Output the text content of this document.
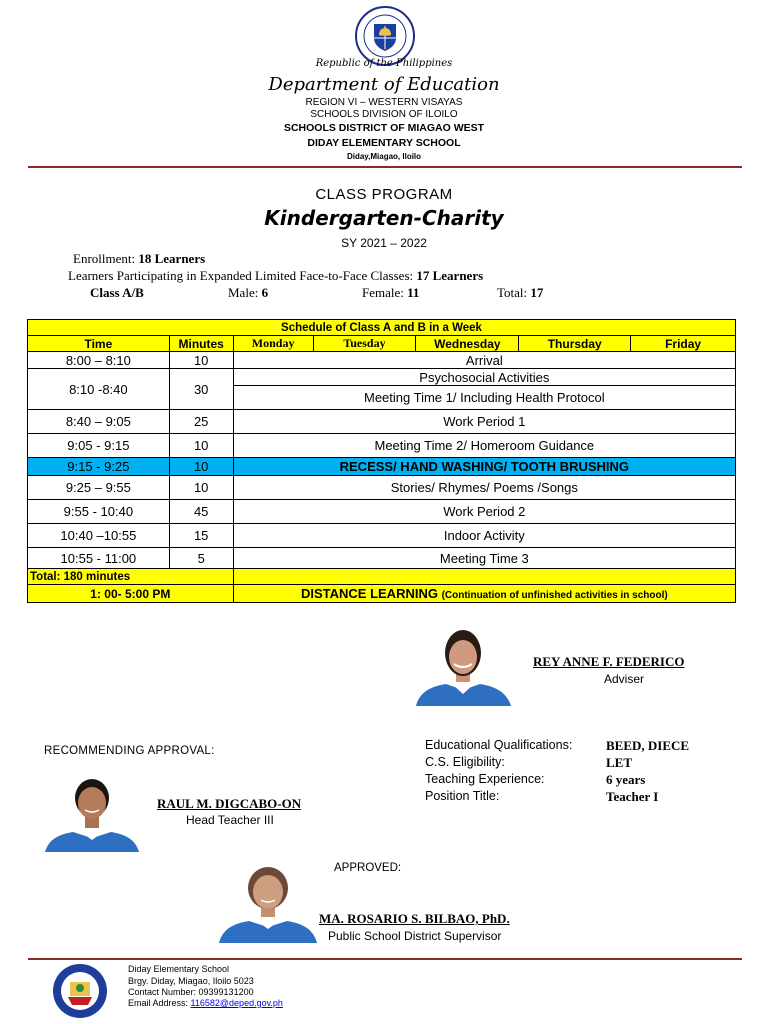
Republic of the Philippines
Department of Education
REGION VI – WESTERN VISAYAS
SCHOOLS DIVISION OF ILOILO
SCHOOLS DISTRICT OF MIAGAO WEST
DIDAY ELEMENTARY SCHOOL
Diday,Miagao, Iloilo
CLASS PROGRAM
Kindergarten-Charity
SY 2021 – 2022
Enrollment: 18 Learners
Learners Participating in Expanded Limited Face-to-Face Classes: 17 Learners
Class A/B	Male: 6	Female: 11	Total: 17
Schedule of Class A and B in a Week						
Time	Minutes	Monday	Tuesday	Wednesday	Thursday	Friday
8:00 – 8:10	10	Arrival				
8:10 -8:40	30	Psychosocial Activities				
		Meeting Time 1/ Including Health Protocol				
8:40 – 9:05	25	Work Period 1				
9:05 - 9:15	10	Meeting Time 2/ Homeroom Guidance				
9:15 - 9:25	10	RECESS/ HAND WASHING/ TOOTH BRUSHING				
9:25 – 9:55	10	Stories/ Rhymes/ Poems /Songs				
9:55 - 10:40	45	Work Period 2				
10:40 –10:55	15	Indoor Activity				
10:55 - 11:00	5	Meeting Time 3				
Total: 180 minutes						
1: 00- 5:00 PM		DISTANCE LEARNING (Continuation of unfinished activities in school)				
REY ANNE F. FEDERICO
Adviser
Educational Qualifications:	BEED, DIECE
C.S. Eligibility:	LET
Teaching Experience:	6 years
Position Title:	Teacher I
RECOMMENDING APPROVAL:
RAUL M. DIGCABO-ON
Head Teacher III
APPROVED:
MA. ROSARIO S. BILBAO, PhD.
Public School District Supervisor
Diday Elementary School
Brgy. Diday, Miagao, Iloilo 5023
Contact Number: 09399131200
Email Address: 116582@deped.gov.ph
